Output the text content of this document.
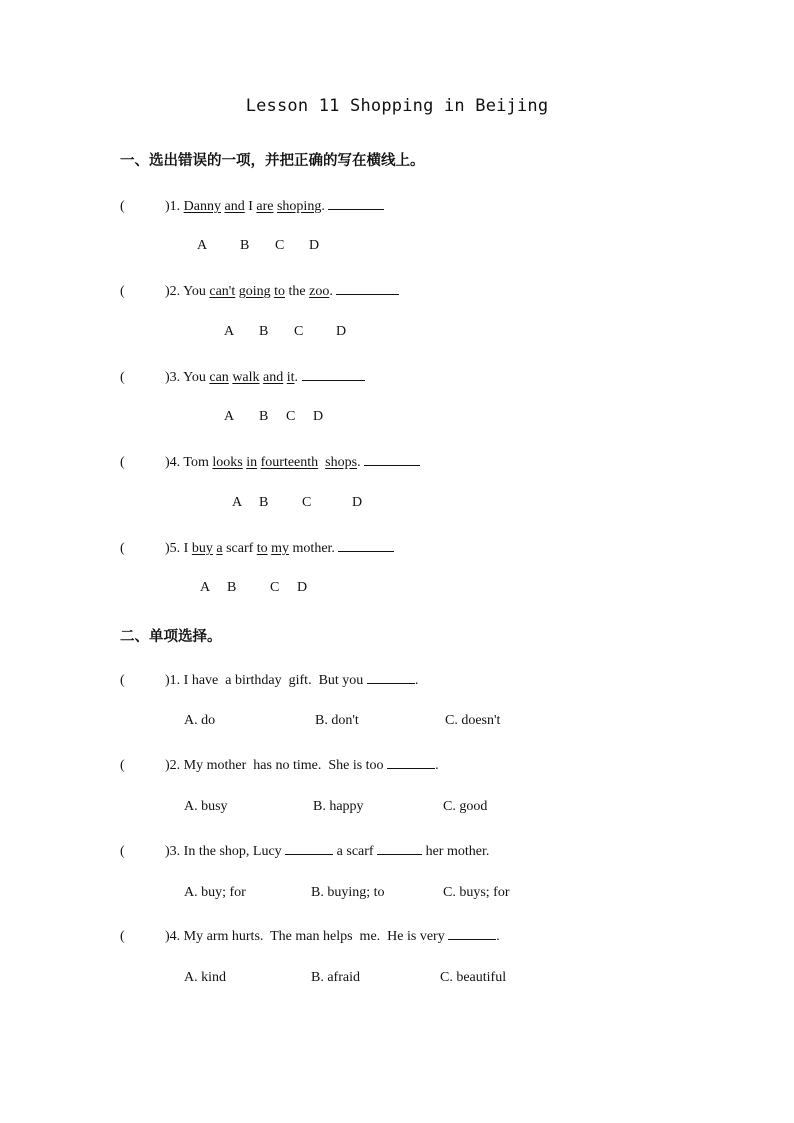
Lesson 11 Shopping in Beijing
一、选出错误的一项，并把正确的写在横线上。
(	)1. Danny and I are shoping.
A B C D
(	)2. You can't going to the zoo.
A B C D
(	)3. You can walk and it.
A B C D
(	)4. Tom looks in fourteenth shops.
A B C	D
(	)5. I buy a scarf to my mother.
A B C D
二、单项选择。
(	)1. I have  a birthday  gift.  But you	.
A. do	B. don't	C. doesn't
(	)2. My mother  has no time.  She is too	.
A. busy	B. happy	C. good
(	)3. In the shop, Lucy	a scarf	her mother.
A. buy; for	B. buying; to	C. buys; for
(	)4. My arm hurts.  The man helps  me.  He is very	.
A. kind	B. afraid	C. beautiful
